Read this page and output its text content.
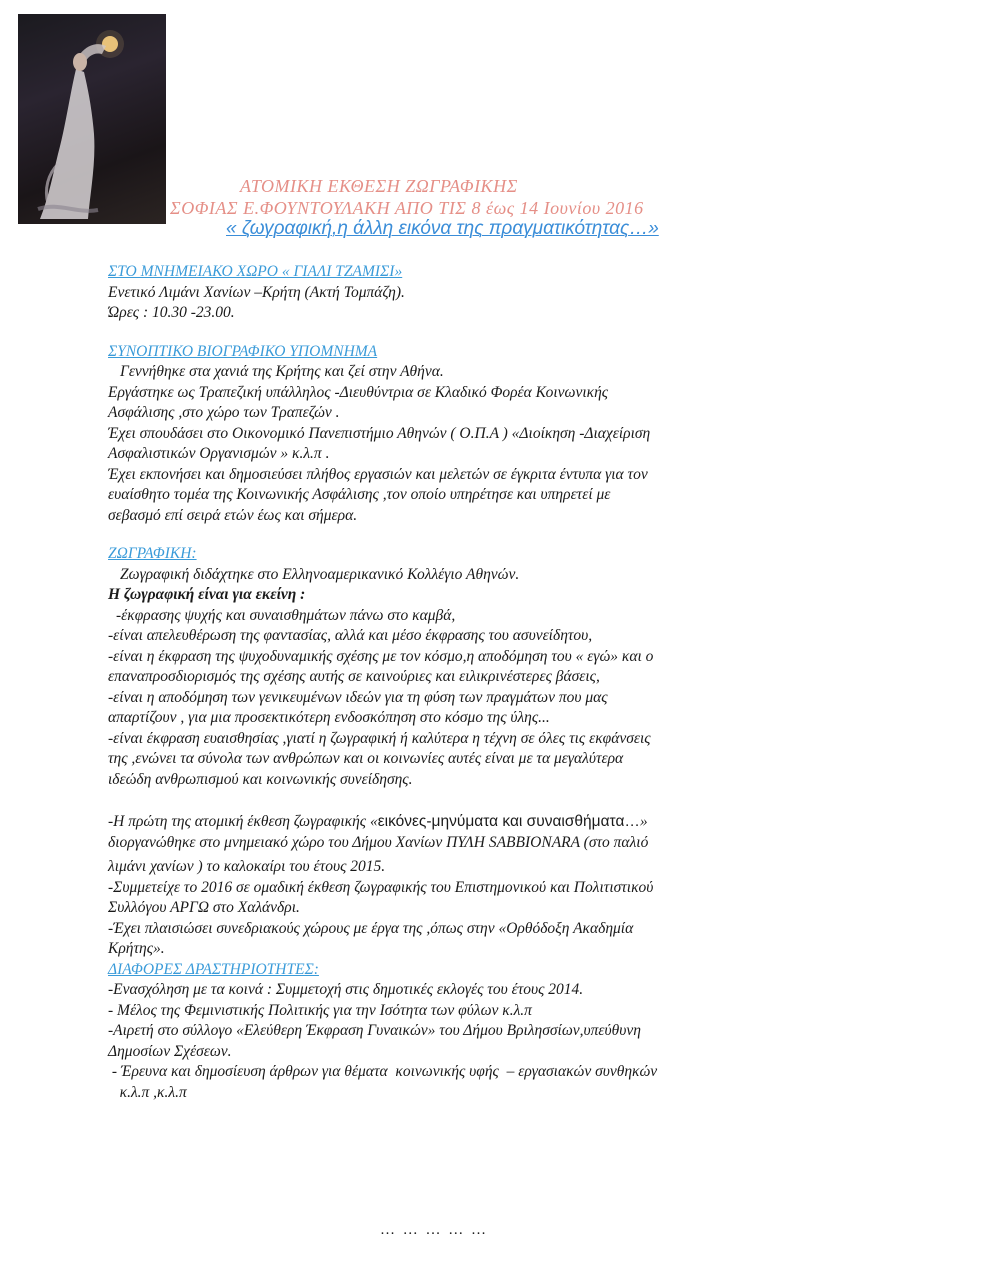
ΑΤΟΜΙΚΗ ΕΚΘΕΣΗ ΖΩΓΡΑΦΙΚΗΣ
ΣΟΦΙΑΣ Ε.ΦΟΥΝΤΟΥΛΑΚΗ ΑΠΟ ΤΙΣ 8 έως 14 Ιουνίου 2016
« ζωγραφική,η άλλη εικόνα της πραγματικότητας…»

ΣΤΟ ΜΝΗΜΕΙΑΚΟ ΧΩΡΟ « ΓΙΑΛΙ ΤΖΑΜΙΣΙ»

Ενετικό Λιμάνι Χανίων –Κρήτη (Ακτή Τομπάζη).

Ώρες : 10.30 -23.00.

ΣΥΝΟΠΤΙΚΟ ΒΙΟΓΡΑΦΙΚΟ ΥΠΟΜΝΗΜΑ

Γεννήθηκε στα χανιά της Κρήτης και ζεί στην Αθήνα.

Εργάστηκε ως Τραπεζική υπάλληλος -Διευθύντρια σε Κλαδικό Φορέα Κοινωνικής

Ασφάλισης ,στο χώρο των Τραπεζών .

Έχει σπουδάσει στο Οικονομικό Πανεπιστήμιο Αθηνών ( Ο.Π.Α ) «Διοίκηση -Διαχείριση

Ασφαλιστικών Οργανισμών » κ.λ.π .

Έχει εκπονήσει και δημοσιεύσει πλήθος εργασιών και μελετών σε έγκριτα έντυπα για τον

ευαίσθητο τομέα της Κοινωνικής Ασφάλισης ,τον οποίο υπηρέτησε και υπηρετεί με

σεβασμό επί σειρά ετών έως και σήμερα.

ΖΩΓΡΑΦΙΚΗ:

Ζωγραφική διδάχτηκε στο Ελληνοαμερικανικό Κολλέγιο Αθηνών.

Η ζωγραφική είναι για εκείνη :

-έκφρασης ψυχής και συναισθημάτων πάνω στο καμβά,

-είναι απελευθέρωση της φαντασίας, αλλά και μέσο έκφρασης του ασυνείδητου,

-είναι η έκφραση της ψυχοδυναμικής σχέσης με τον κόσμο,η αποδόμηση του « εγώ» και ο

επαναπροσδιορισμός της σχέσης αυτής σε καινούριες και ειλικρινέστερες βάσεις,

-είναι η αποδόμηση των γενικευμένων ιδεών για τη φύση των πραγμάτων που μας

απαρτίζουν , για μια προσεκτικότερη ενδοσκόπηση στο κόσμο της ύλης...

-είναι έκφραση ευαισθησίας ,γιατί η ζωγραφική ή καλύτερα η τέχνη σε όλες τις εκφάνσεις

της ,ενώνει τα σύνολα των ανθρώπων και οι κοινωνίες αυτές είναι με τα μεγαλύτερα

ιδεώδη ανθρωπισμού και κοινωνικής συνείδησης.

-Η πρώτη της ατομική έκθεση ζωγραφικής «εικόνες-μηνύματα και συναισθήματα…»

διοργανώθηκε στο μνημειακό χώρο του Δήμου Χανίων ΠΥΛΗ SABBIONARA (στο παλιό

λιμάνι χανίων ) το καλοκαίρι του έτους 2015.

-Συμμετείχε το 2016 σε ομαδική έκθεση ζωγραφικής του Επιστημονικού και Πολιτιστικού

Συλλόγου ΑΡΓΩ στο Χαλάνδρι.

-Έχει πλαισιώσει συνεδριακούς χώρους με έργα της ,όπως στην «Ορθόδοξη Ακαδημία

Κρήτης».

ΔΙΑΦΟΡΕΣ ΔΡΑΣΤΗΡΙΟΤΗΤΕΣ:

-Ενασχόληση με τα κοινά : Συμμετοχή στις δημοτικές εκλογές του έτους 2014.

- Μέλος της Φεμινιστικής Πολιτικής για την Ισότητα των φύλων κ.λ.π

-Αιρετή στο σύλλογο «Ελεύθερη Έκφραση Γυναικών» του Δήμου Βριλησσίων,υπεύθυνη

Δημοσίων Σχέσεων.

- Έρευνα και δημοσίευση άρθρων για θέματα  κοινωνικής υφής  – εργασιακών συνθηκών

κ.λ.π ,κ.λ.π

… … … … …
